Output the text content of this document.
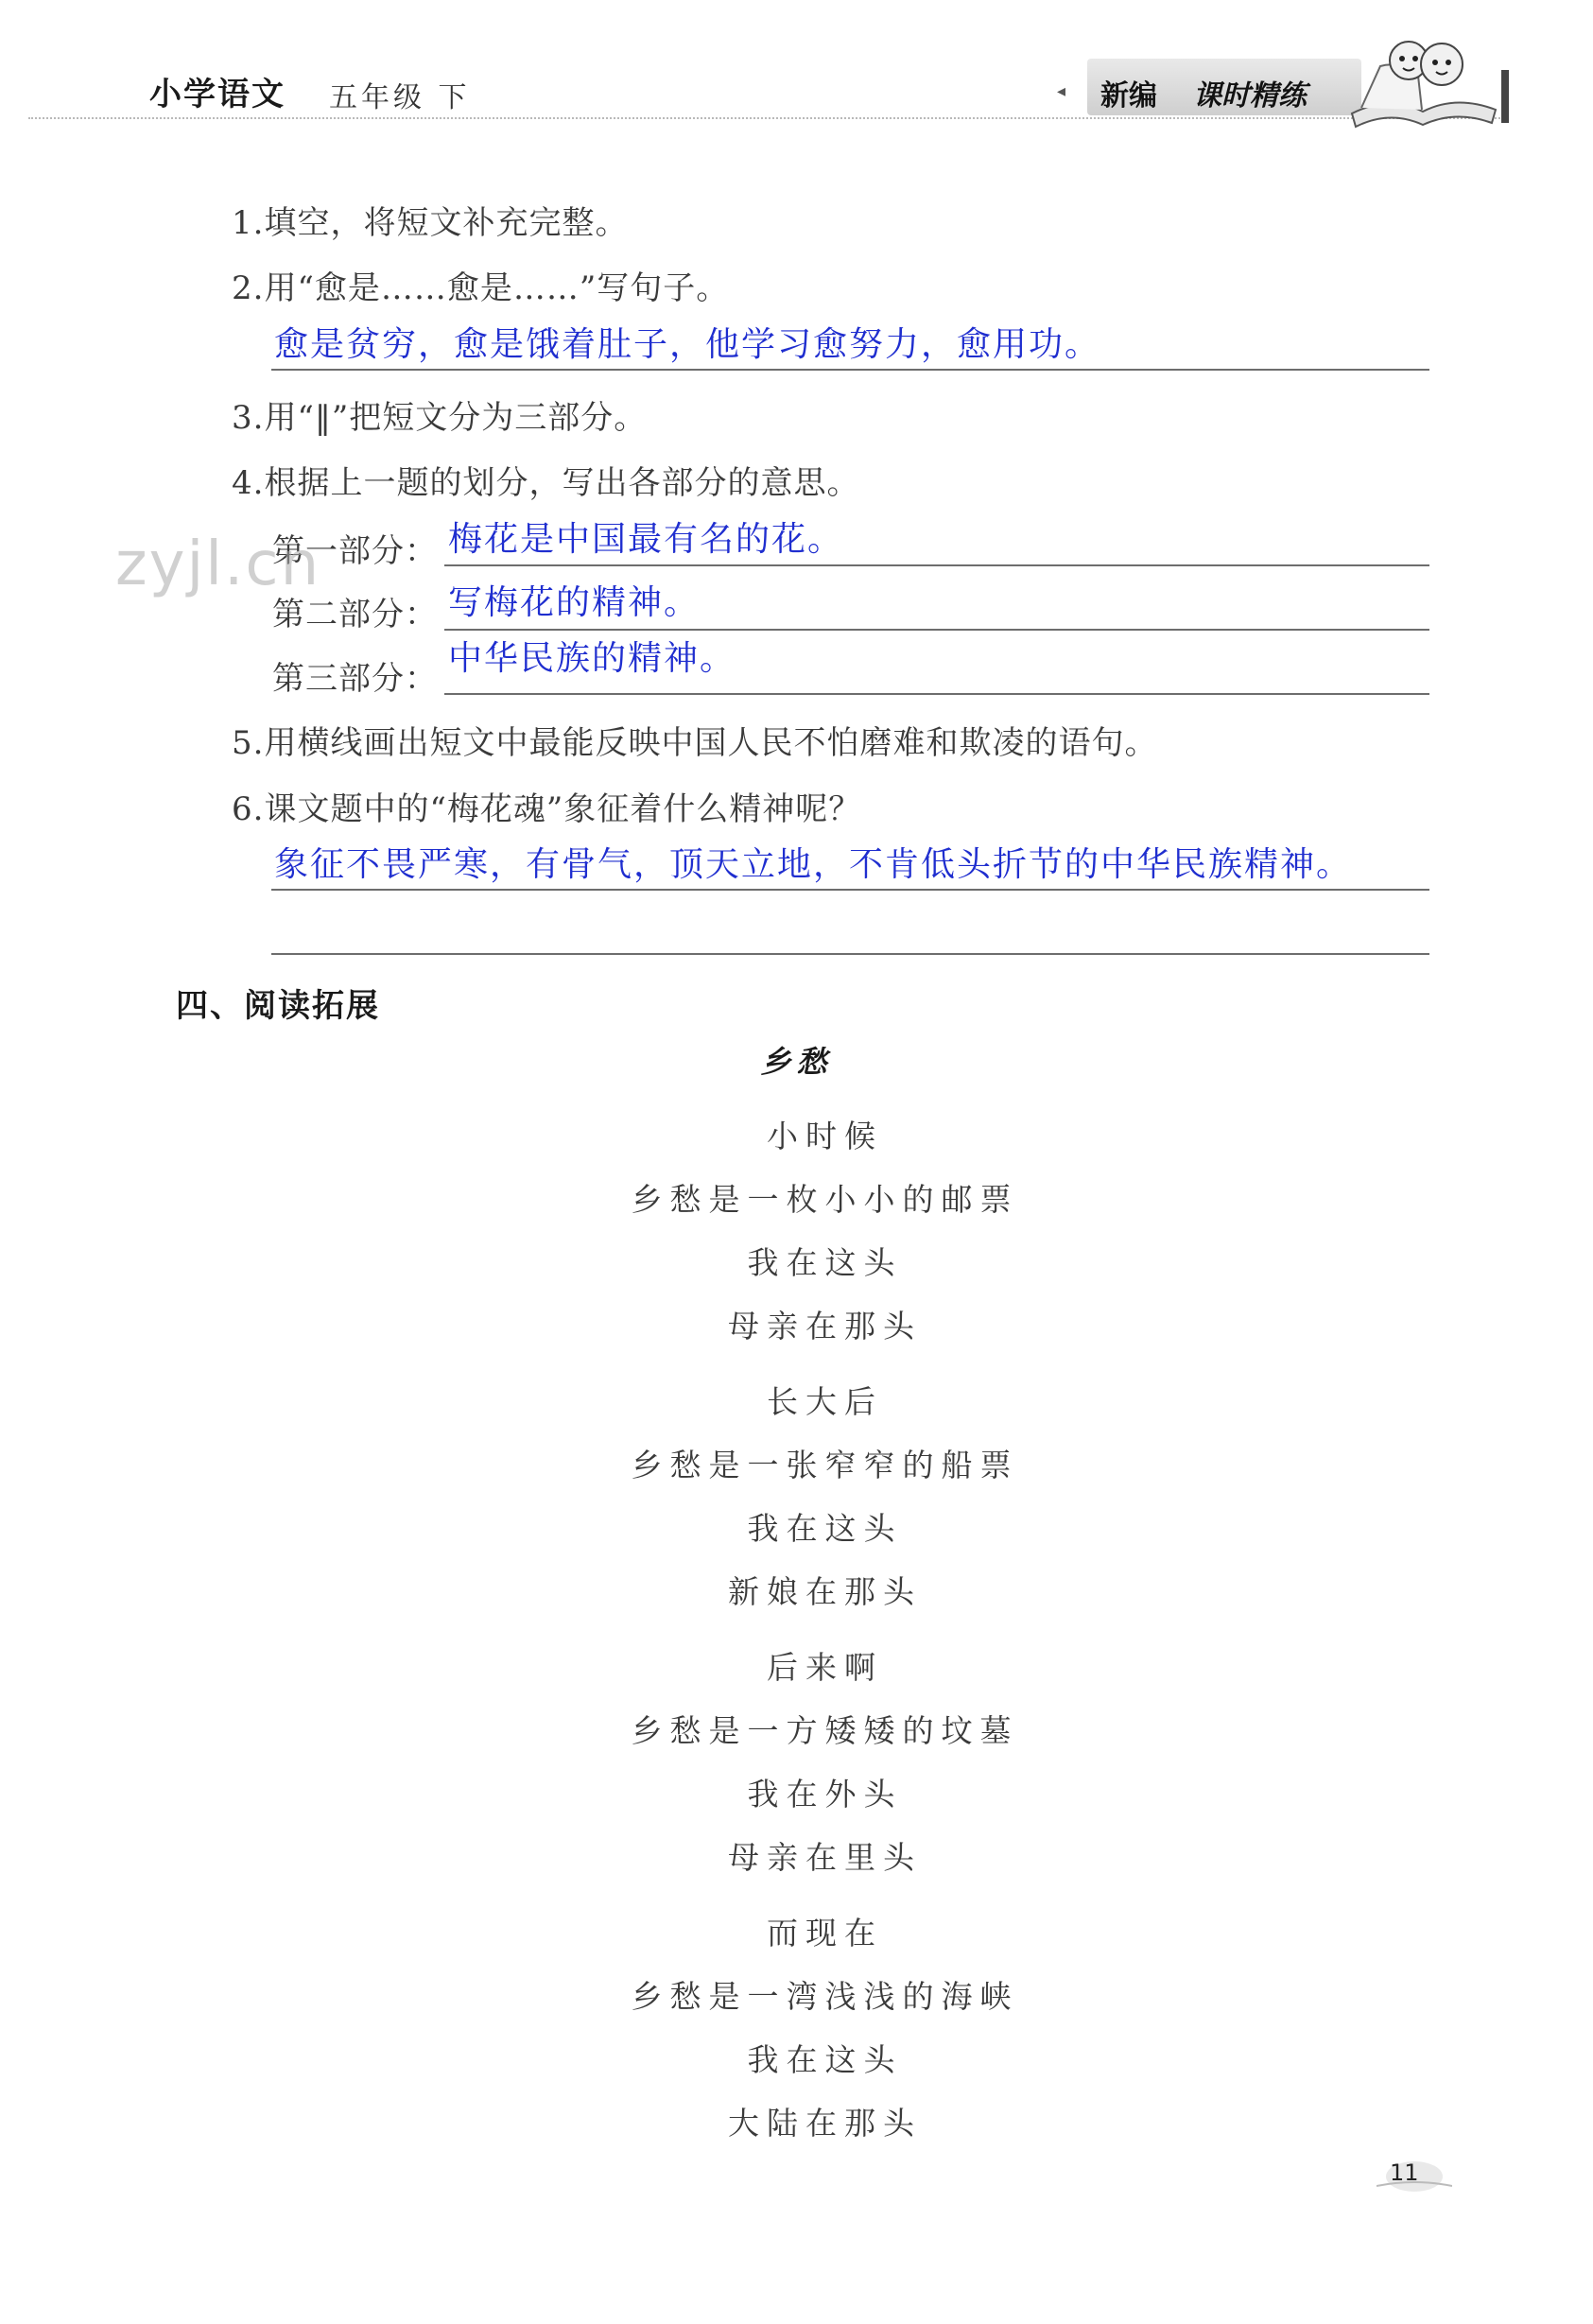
小学语文 五年级 下	◂ 新编 课时精练
1.填空，将短文补充完整。
2.用“愈是……愈是……”写句子。
愈是贫穷，愈是饿着肚子，他学习愈努力，愈用功。
3.用“‖”把短文分为三部分。
4.根据上一题的划分，写出各部分的意思。
第一部分： 梅花是中国最有名的花。
第二部分： 写梅花的精神。
第三部分：
中华民族的精神。
zyjl.cn
5.用横线画出短文中最能反映中国人民不怕磨难和欺凌的语句。
6.课文题中的“梅花魂”象征着什么精神呢？
象征不畏严寒，有骨气，顶天立地，不肯低头折节的中华民族精神。
四、阅读拓展
乡愁
小时候
乡愁是一枚小小的邮票
我在这头
母亲在那头
长大后
乡愁是一张窄窄的船票
我在这头
新娘在那头
后来啊
乡愁是一方矮矮的坟墓
我在外头
母亲在里头
而现在
乡愁是一湾浅浅的海峡
我在这头
大陆在那头
11
